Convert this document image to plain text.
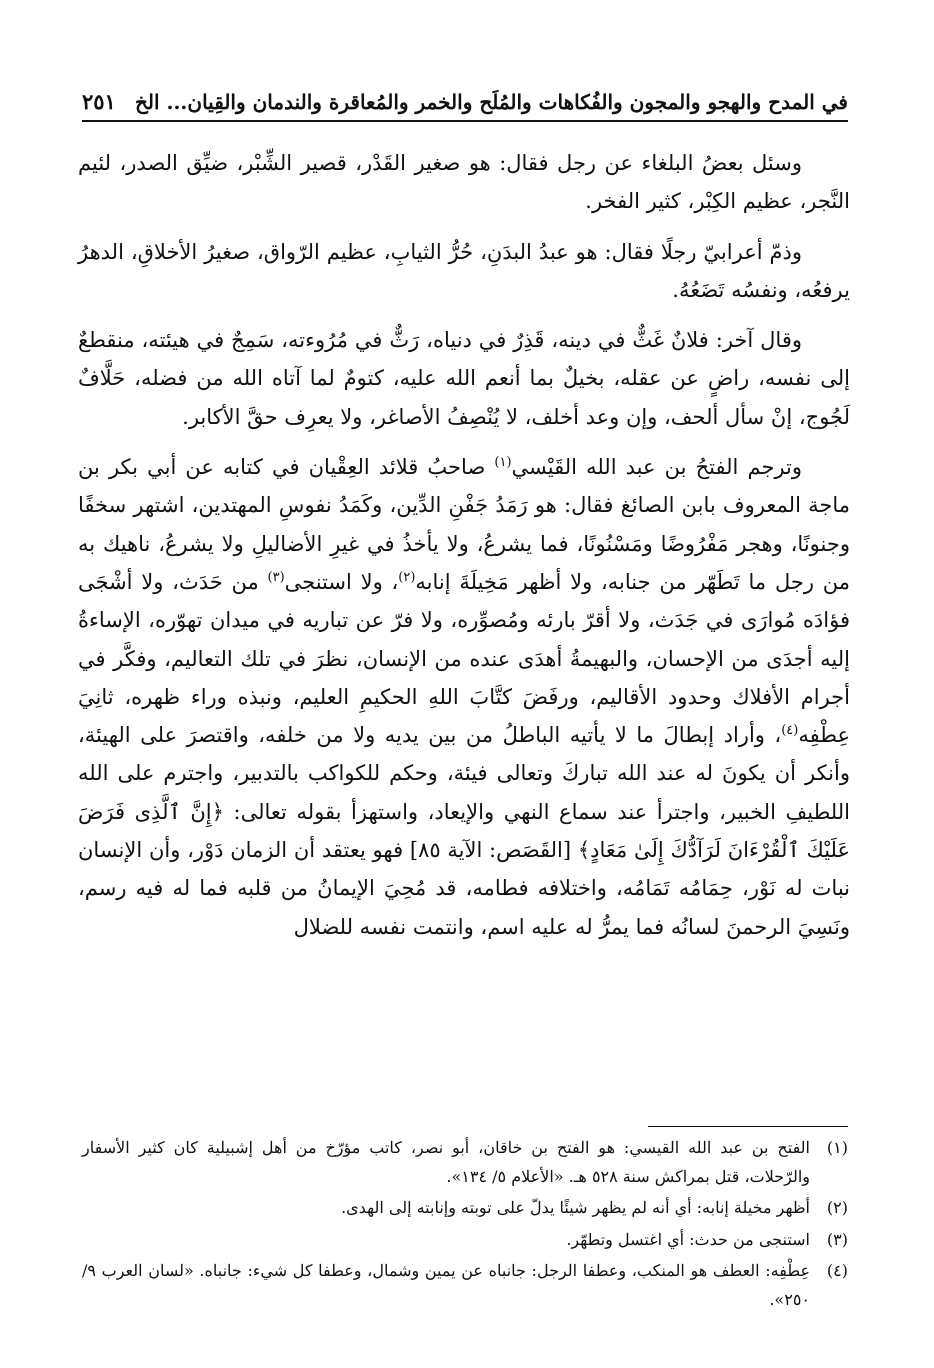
في المدح والهجو والمجون والفُكاهات والمُلَح والخمر والمُعاقرة والندمان والقِيان... الخ
٢٥١

وسئل بعضُ البلغاء عن رجل فقال: هو صغير القَدْر، قصير الشِّبْر، ضيِّق الصدر، لئيم النَّجر، عظيم الكِبْر، كثير الفخر.

وذمّ أعرابيّ رجلًا فقال: هو عبدُ البدَنِ، حُرُّ الثيابِ، عظيم الرّواق، صغيرُ الأخلاقِ، الدهرُ يرفعُه، ونفسُه تَضَعُهُ.

وقال آخر: فلانٌ غَثٌّ في دينه، قَذِرٌ في دنياه، رَثٌّ في مُرُوءته، سَمِجٌ في هيئته، منقطعٌ إلى نفسه، راضٍ عن عقله، بخيلٌ بما أنعم الله عليه، كتومٌ لما آتاه الله من فضله، حَلَّافٌ لَجُوج، إنْ سأل ألحف، وإن وعد أخلف، لا يُنْصِفُ الأصاغر، ولا يعرِف حقَّ الأكابر.

وترجم الفتحُ بن عبد الله القَيْسي$^{(١)}$ صاحبُ قلائد العِقْيان في كتابه عن أبي بكر بن ماجة المعروف بابن الصائغ فقال: هو رَمَدُ جَفْنِ الدِّين، وكَمَدُ نفوسِ المهتدين، اشتهر سخفًا وجنونًا، وهجر مَفْرُوضًا ومَسْنُونًا، فما يشرعُ، ولا يأخذُ في غيرِ الأضاليلِ ولا يشرعُ، ناهيك به من رجل ما تَطَهّر من جنابه، ولا أظهر مَخِيلَةَ إنابه$^{(٢)}$، ولا استنجى$^{(٣)}$ من حَدَث، ولا أشْجَى فؤادَه مُوارَى في جَدَث، ولا أقرّ بارئه ومُصوِّره، ولا فرّ عن تباريه في ميدان تهوّره، الإساءةُ إليه أجدَى من الإحسان، والبهيمةُ أهدَى عنده من الإنسان، نظرَ في تلك التعاليم، وفكَّر في أجرام الأفلاك وحدود الأقاليم، ورفَضَ كتَّابَ اللهِ الحكيمِ العليم، ونبذه وراء ظهره، ثانِيَ عِطْفِه$^{(٤)}$، وأراد إبطالَ ما لا يأتيه الباطلُ من بين يديه ولا من خلفه، واقتصرَ على الهيئة، وأنكر أن يكونَ له عند الله تباركَ وتعالى فيئة، وحكم للكواكب بالتدبير، واجترم على الله اللطيفِ الخبير، واجترأ عند سماع النهي والإيعاد، واستهزأ بقوله تعالى: ﴿إِنَّ ٱلَّذِى فَرَضَ عَلَيْكَ ٱلْقُرْءَانَ لَرَآدُّكَ إِلَىٰ مَعَادٍ﴾ [القَصَص: الآية ٨٥] فهو يعتقد أن الزمان دَوْر، وأن الإنسان نبات له نَوْر، حِمَامُه تَمَامُه، واختلافه فطامه، قد مُحِيَ الإيمانُ من قلبه فما له فيه رسم، ونَسِيَ الرحمنَ لسانُه فما يمرُّ له عليه اسم، وانتمت نفسه للضلال

(١)
الفتح بن عبد الله القيسي: هو الفتح بن خاقان، أبو نصر، كاتب مؤرّخ من أهل إشبيلية كان كثير الأسفار والرّحلات، قتل بمراكش سنة ٥٢٨ هـ. «الأعلام ٥/ ١٣٤».
(٢)
أظهر مخيلة إنابه: أي أنه لم يظهر شيئًا يدلّ على توبته وإنابته إلى الهدى.
(٣)
استنجى من حدث: أي اغتسل وتطهّر.
(٤)
عِطْفِه: العطف هو المنكب، وعطفا الرجل: جانباه عن يمين وشمال، وعطفا كل شيء: جانباه. «لسان العرب ٩/ ٢٥٠».
